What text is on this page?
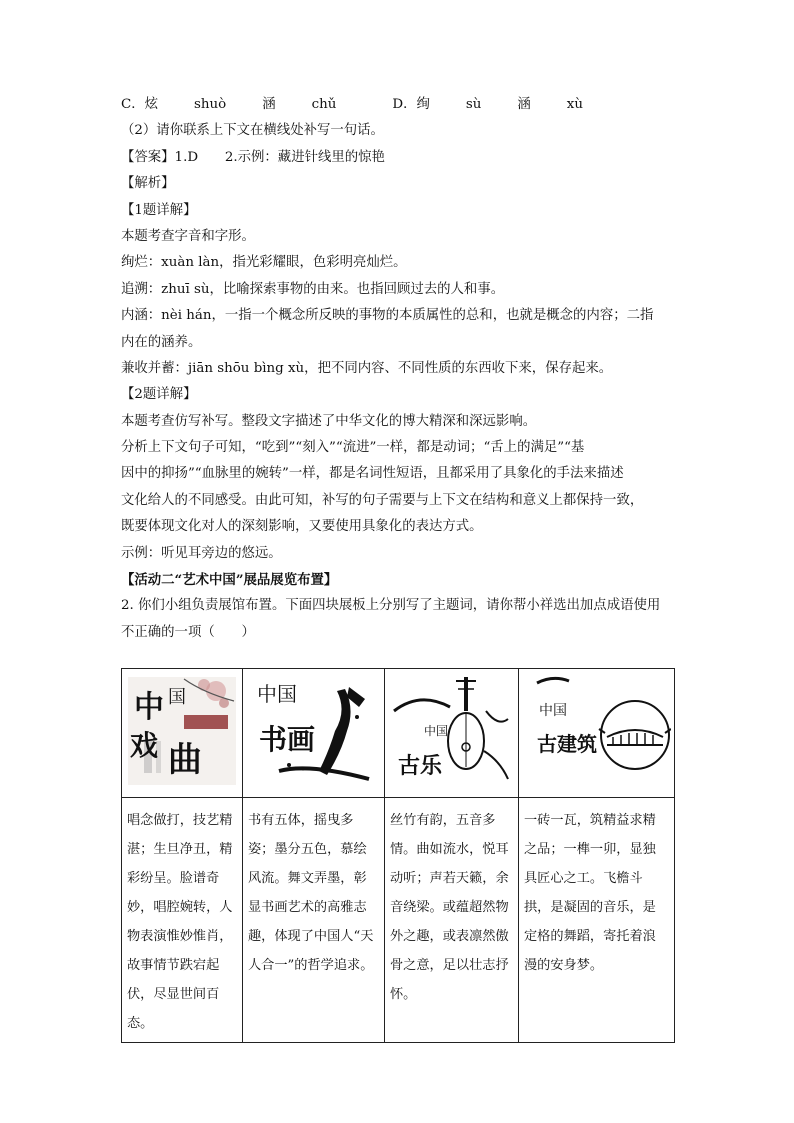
C．炫	shuò	涵	chǔ	D．绚	sù	涵	xù
（2）请你联系上下文在横线处补写一句话。
【答案】1.D　　2.示例：藏进针线里的惊艳
【解析】
【1题详解】
本题考查字音和字形。
绚烂：xuàn làn，指光彩耀眼，色彩明亮灿烂。
追溯：zhuī sù，比喻探索事物的由来。也指回顾过去的人和事。
内涵：nèi hán，一指一个概念所反映的事物的本质属性的总和，也就是概念的内容；二指
内在的涵养。
兼收并蓄：jiān shōu bìng xù，把不同内容、不同性质的东西收下来，保存起来。
【2题详解】
本题考查仿写补写。整段文字描述了中华文化的博大精深和深远影响。
分析上下文句子可知，“吃到”“刻入”“流进”一样，都是动词；“舌上的满足”“基
因中的抑扬”“血脉里的婉转”一样，都是名词性短语，且都采用了具象化的手法来描述
文化给人的不同感受。由此可知，补写的句子需要与上下文在结构和意义上都保持一致，
既要体现文化对人的深刻影响，又要使用具象化的表达方式。
示例：听见耳旁边的悠远。
【活动二“艺术中国”展品展览布置】
2. 你们小组负责展馆布置。下面四块展板上分别写了主题词，请你帮小祥选出加点成语使用
不正确的一项（　　）
中 国
戏 曲	中国
书画	中国
古乐	中国
古建筑

唱念做打，技艺精湛；生旦净丑，精彩纷呈。脸谱奇妙，唱腔婉转，人物表演惟妙惟肖，故事情节跌宕起伏，尽显世间百态。	书有五体，摇曳多姿；墨分五色，慕绘风流。舞文弄墨，彰显书画艺术的高雅志趣，体现了中国人“天人合一”的哲学追求。	丝竹有韵，五音多情。曲如流水，悦耳动听；声若天籁，余音绕梁。或蕴超然物外之趣，或表凛然傲骨之意，足以壮志抒怀。	一砖一瓦，筑精益求精之品；一榫一卯，显独具匠心之工。飞檐斗拱，是凝固的音乐，是定格的舞蹈，寄托着浪漫的安身梦。
